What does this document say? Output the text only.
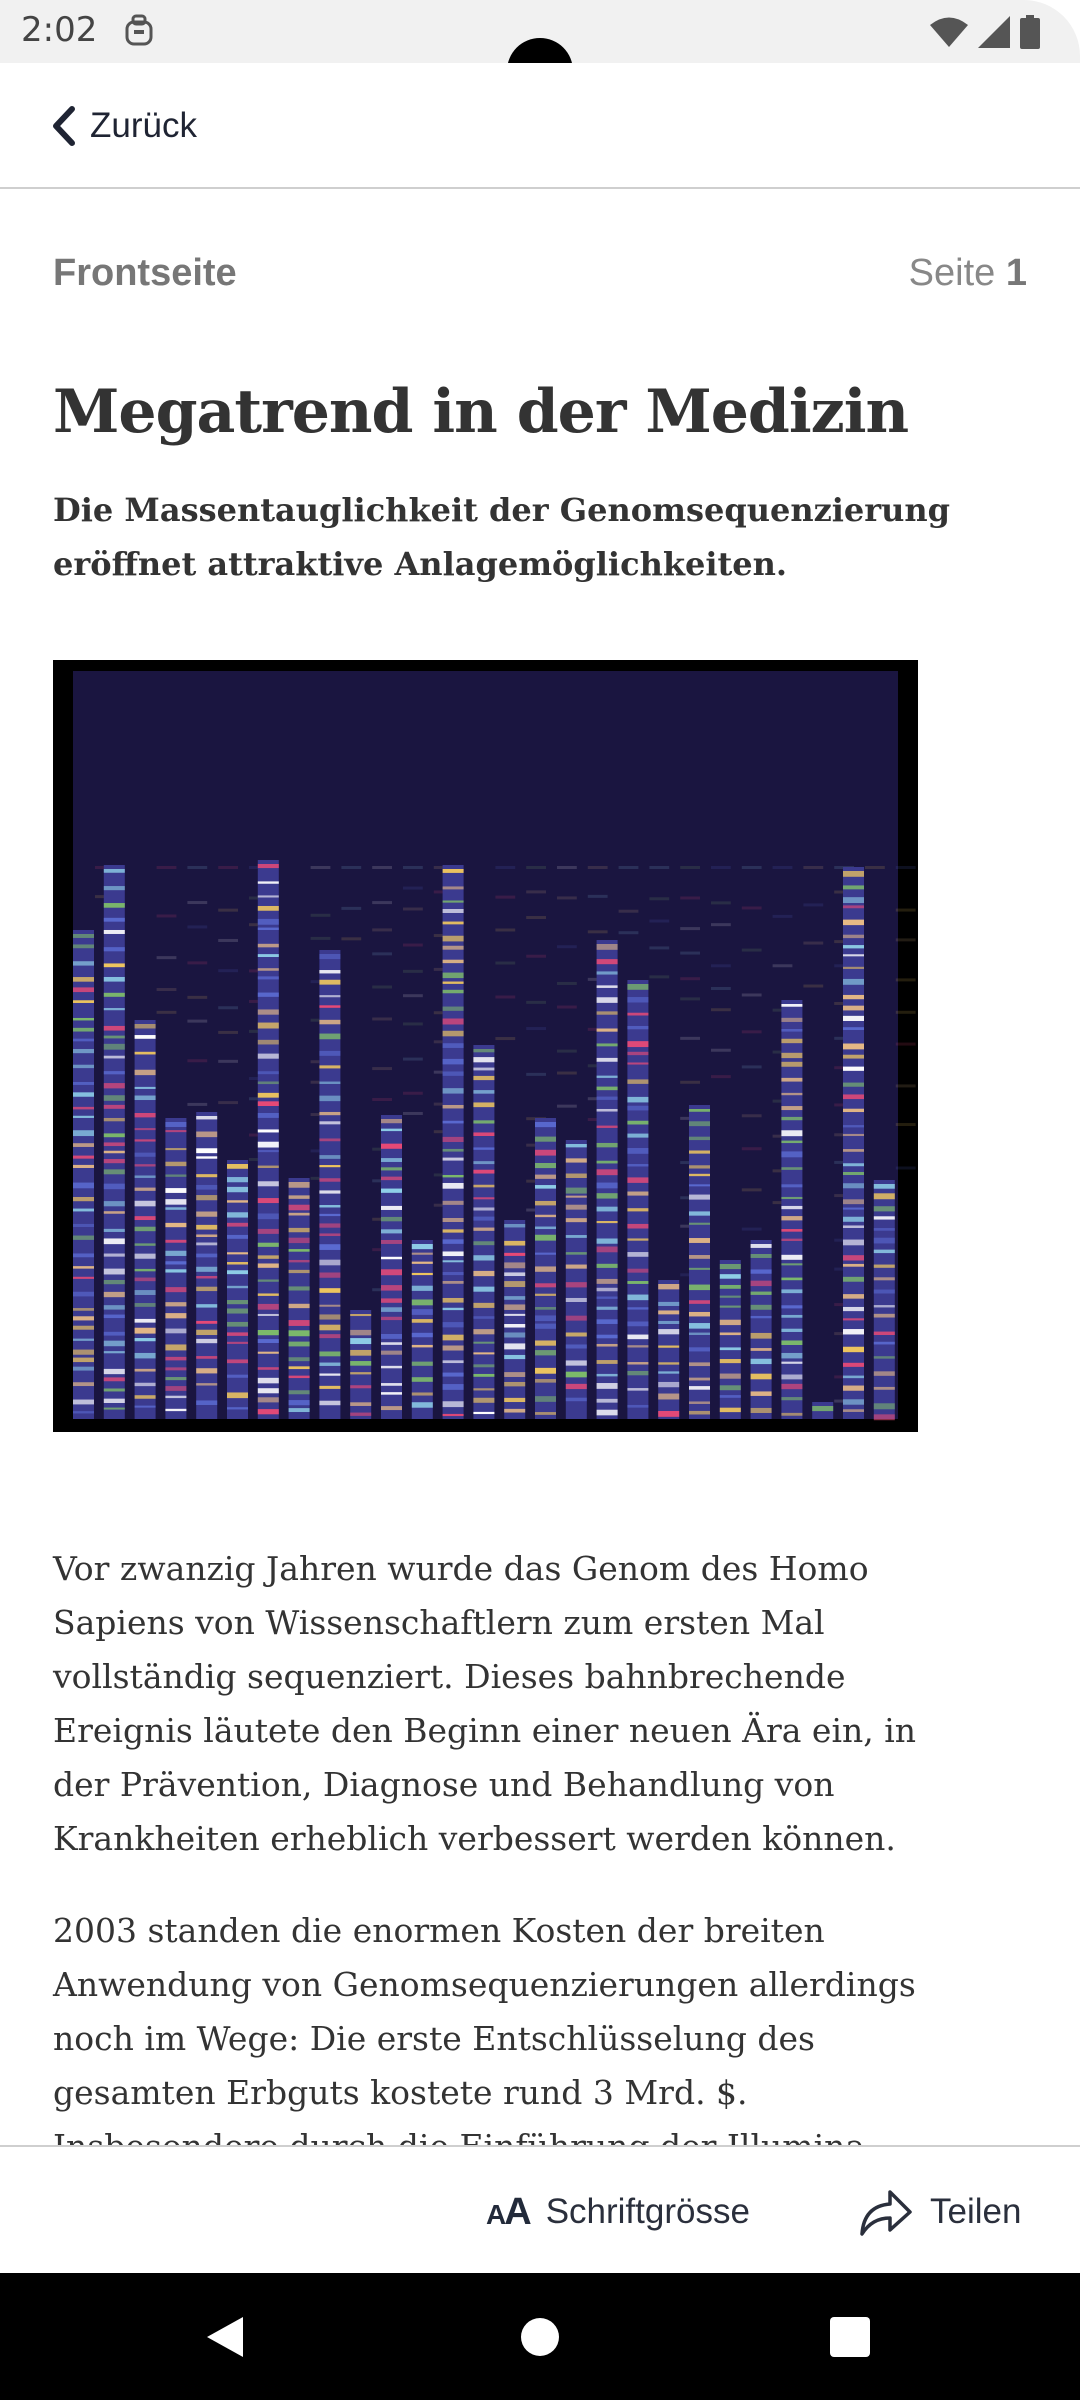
2:02
Zurück
Frontseite	Seite 1
Megatrend in der Medizin

Die Massentauglichkeit der Genomsequenzierung eröffnet attraktive Anlagemöglichkeiten.

Vor zwanzig Jahren wurde das Genom des Homo Sapiens von Wissenschaftlern zum ersten Mal vollständig sequenziert. Dieses bahnbrechende Ereignis läutete den Beginn einer neuen Ära ein, in der Prävention, Diagnose und Behandlung von Krankheiten erheblich verbessert werden können.

2003 standen die enormen Kosten der breiten Anwendung von Genomsequenzierungen allerdings noch im Wege: Die erste Entschlüsselung des gesamten Erbguts kostete rund 3 Mrd. $.

AA Schriftgrösse	Teilen
